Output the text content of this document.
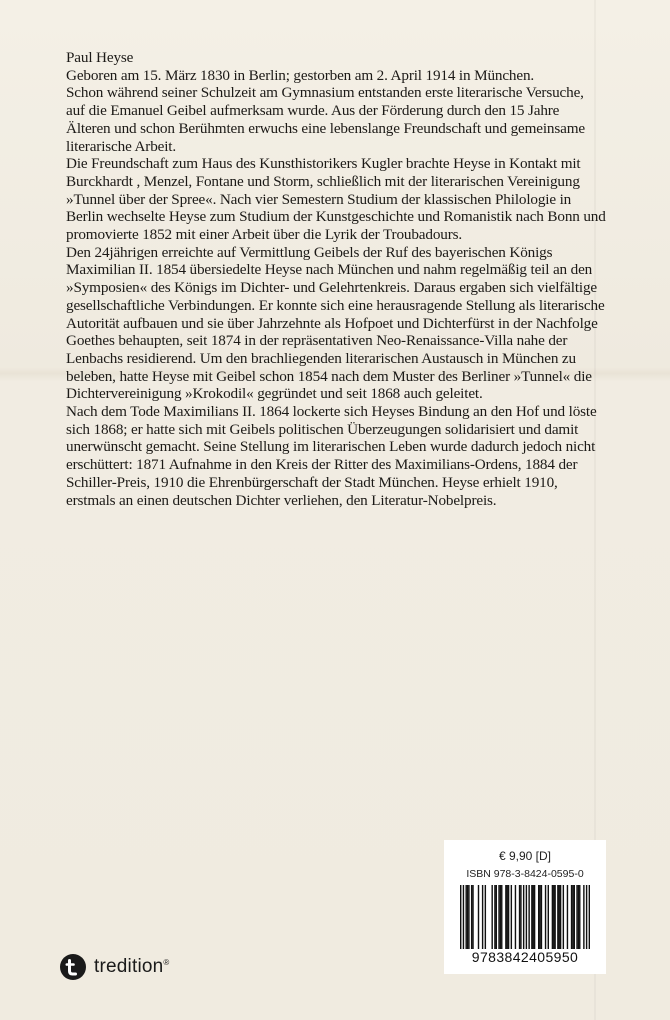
Paul Heyse

Geboren am 15. März 1830 in Berlin; gestorben am 2. April 1914 in München.

Schon während seiner Schulzeit am Gymnasium entstanden erste literarische Versuche, auf die Emanuel Geibel aufmerksam wurde. Aus der Förderung durch den 15 Jahre Älteren und schon Berühmten erwuchs eine lebenslange Freundschaft und gemeinsame literarische Arbeit.

Die Freundschaft zum Haus des Kunsthistorikers Kugler brachte Heyse in Kontakt mit Burckhardt , Menzel, Fontane und Storm, schließlich mit der literarischen Vereinigung »Tunnel über der Spree«. Nach vier Semestern Studium der klassischen Philologie in Berlin wechselte Heyse zum Studium der Kunstgeschichte und Romanistik nach Bonn und promovierte 1852 mit einer Arbeit über die Lyrik der Troubadours.

Den 24jährigen erreichte auf Vermittlung Geibels der Ruf des bayerischen Königs Maximilian II. 1854 übersiedelte Heyse nach München und nahm regelmäßig teil an den »Symposien« des Königs im Dichter- und Gelehrtenkreis. Daraus ergaben sich vielfältige gesellschaftliche Verbindungen. Er konnte sich eine herausragende Stellung als literarische Autorität aufbauen und sie über Jahrzehnte als Hofpoet und Dichterfürst in der Nachfolge Goethes behaupten, seit 1874 in der repräsentativen Neo-Renaissance-Villa nahe der Lenbachs residierend. Um den brachliegenden literarischen Austausch in München zu beleben, hatte Heyse mit Geibel schon 1854 nach dem Muster des Berliner »Tunnel« die Dichtervereinigung »Krokodil« gegründet und seit 1868 auch geleitet.

Nach dem Tode Maximilians II. 1864 lockerte sich Heyses Bindung an den Hof und löste sich 1868; er hatte sich mit Geibels politischen Überzeugungen solidarisiert und damit unerwünscht gemacht. Seine Stellung im literarischen Leben wurde dadurch jedoch nicht erschüttert: 1871 Aufnahme in den Kreis der Ritter des Maximilians-Ordens, 1884 der Schiller-Preis, 1910 die Ehrenbürgerschaft der Stadt München. Heyse erhielt 1910, erstmals an einen deutschen Dichter verliehen, den Literatur-Nobelpreis.

tredition®
€ 9,90 [D]
ISBN 978-3-8424-0595-0
9783842405950
